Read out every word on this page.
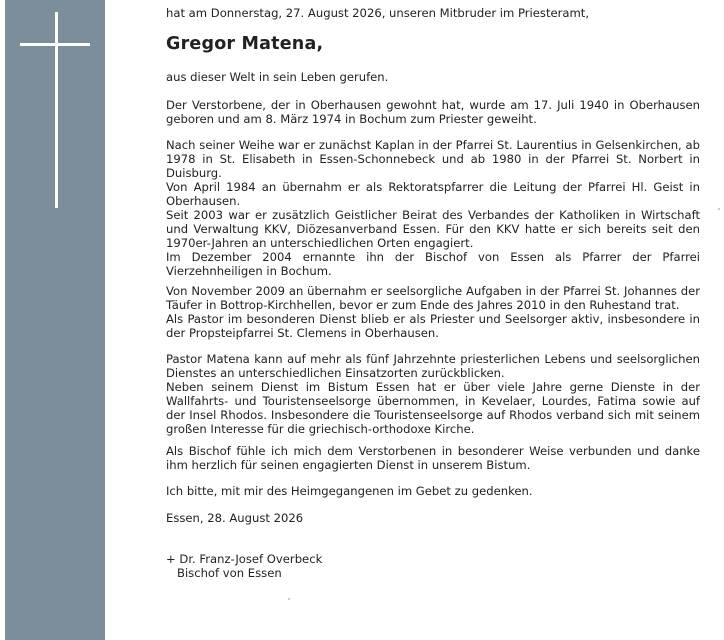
hat am Donnerstag, 27. August 2026, unseren Mitbruder im Priesteramt,
Gregor Matena,

aus dieser Welt in sein Leben gerufen.

Der Verstorbene, der in Oberhausen gewohnt hat, wurde am 17. Juli 1940 in Oberhausen geboren und am 8. März 1974 in Bochum zum Priester geweiht.

Nach seiner Weihe war er zunächst Kaplan in der Pfarrei St. Laurentius in Gelsenkirchen, ab 1978 in St. Elisabeth in Essen-Schonnebeck und ab 1980 in der Pfarrei St. Norbert in Duisburg.

Von April 1984 an übernahm er als Rektoratspfarrer die Leitung der Pfarrei Hl. Geist in Oberhausen.

Seit 2003 war er zusätzlich Geistlicher Beirat des Verbandes der Katholiken in Wirtschaft und Verwaltung KKV, Diözesanverband Essen. Für den KKV hatte er sich bereits seit den 1970er-Jahren an unterschiedlichen Orten engagiert.

Im Dezember 2004 ernannte ihn der Bischof von Essen als Pfarrer der Pfarrei Vierzehnheiligen in Bochum.

Von November 2009 an übernahm er seelsorgliche Aufgaben in der Pfarrei St. Johannes der Täufer in Bottrop-Kirchhellen, bevor er zum Ende des Jahres 2010 in den Ruhestand trat.

Als Pastor im besonderen Dienst blieb er als Priester und Seelsorger aktiv, insbesondere in der Propsteipfarrei St. Clemens in Oberhausen.

Pastor Matena kann auf mehr als fünf Jahrzehnte priesterlichen Lebens und seelsorglichen Dienstes an unterschiedlichen Einsatzorten zurückblicken.

Neben seinem Dienst im Bistum Essen hat er über viele Jahre gerne Dienste in der Wallfahrts- und Touristenseelsorge übernommen, in Kevelaer, Lourdes, Fatima sowie auf der Insel Rhodos. Insbesondere die Touristenseelsorge auf Rhodos verband sich mit seinem großen Interesse für die griechisch-orthodoxe Kirche.

Als Bischof fühle ich mich dem Verstorbenen in besonderer Weise verbunden und danke ihm herzlich für seinen engagierten Dienst in unserem Bistum.

Ich bitte, mit mir des Heimgegangenen im Gebet zu gedenken.

Essen, 28. August 2026

+ Dr. Franz-Josef Overbeck
Bischof von Essen
